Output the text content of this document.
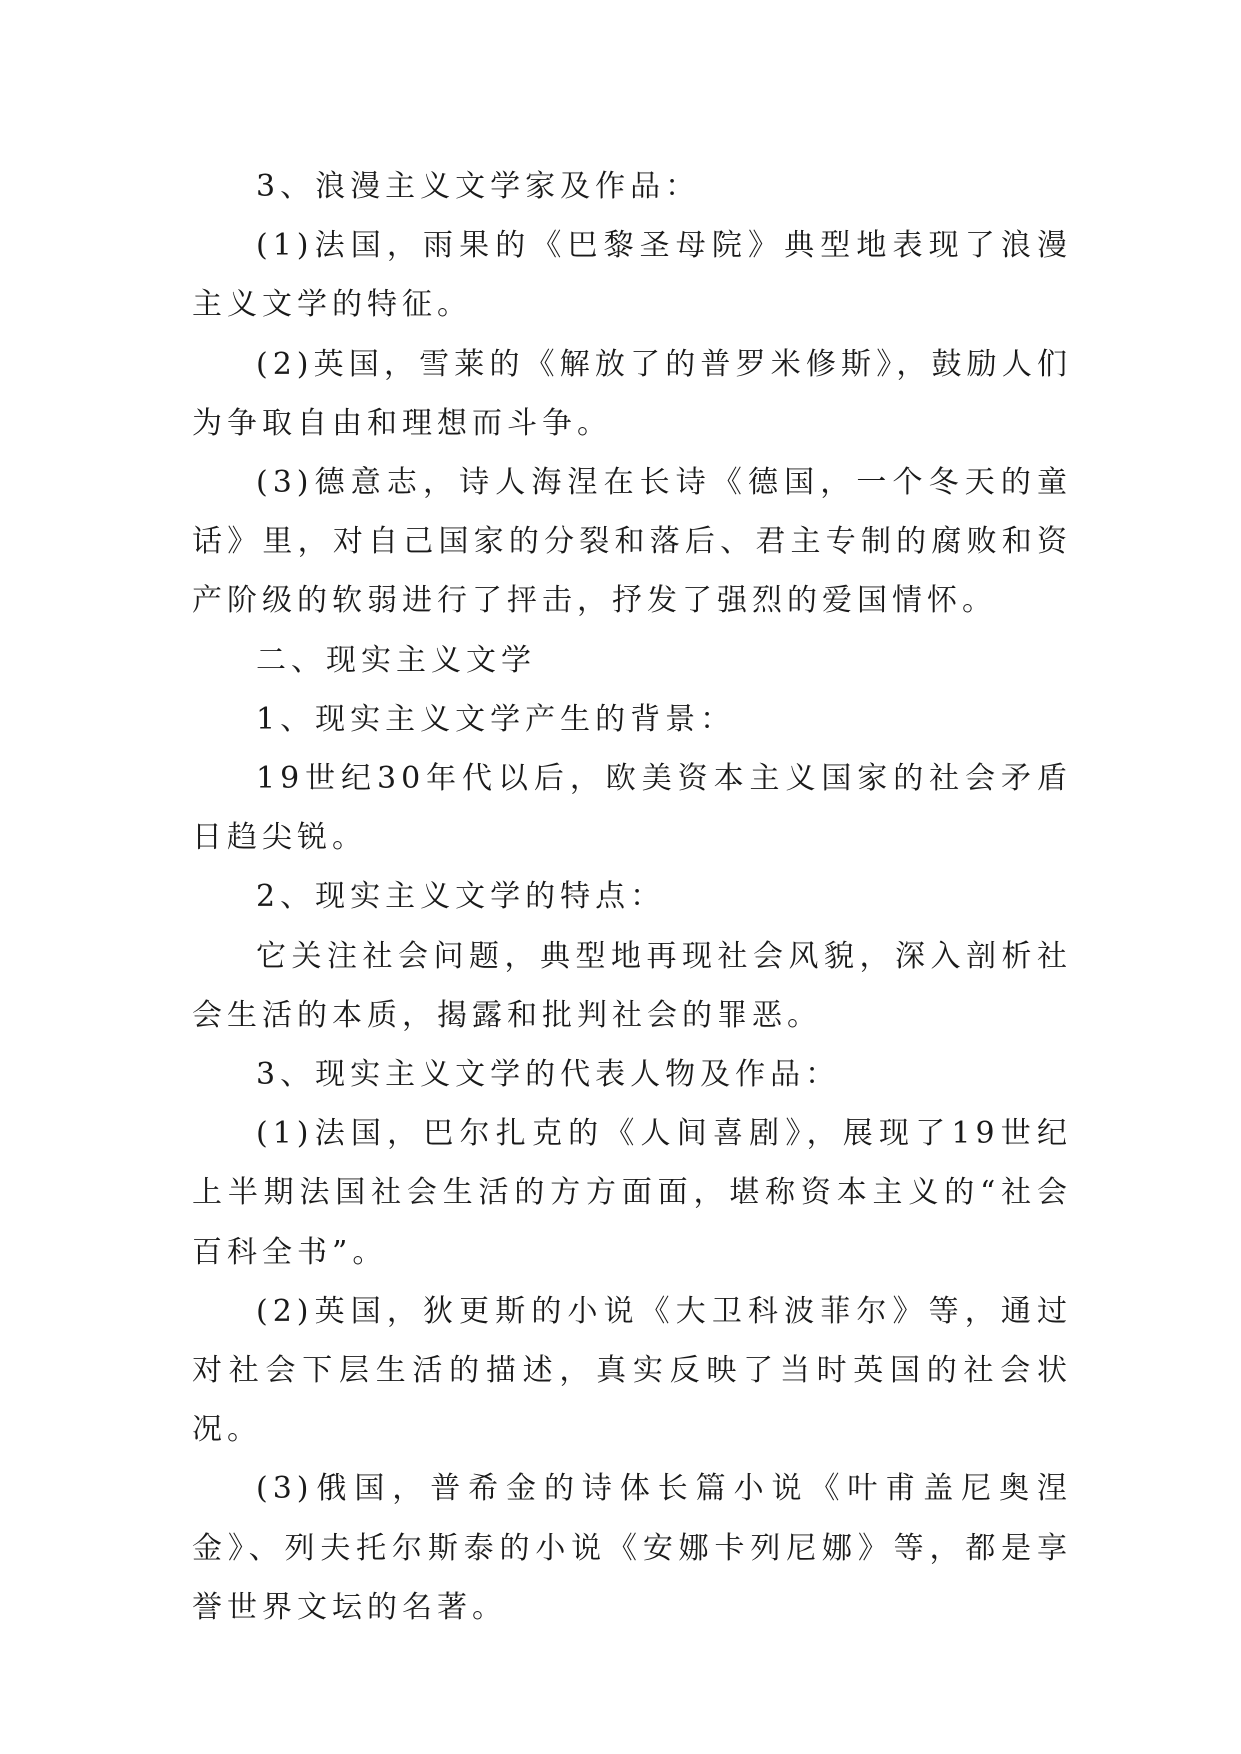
3、浪漫主义文学家及作品：

(1)法国，雨果的《巴黎圣母院》典型地表现了浪漫主义文学的特征。

(2)英国，雪莱的《解放了的普罗米修斯》，鼓励人们为争取自由和理想而斗争。

(3)德意志，诗人海涅在长诗《德国，一个冬天的童话》里，对自己国家的分裂和落后、君主专制的腐败和资产阶级的软弱进行了抨击，抒发了强烈的爱国情怀。

二、现实主义文学

1、现实主义文学产生的背景：

19世纪30年代以后，欧美资本主义国家的社会矛盾日趋尖锐。

2、现实主义文学的特点：

它关注社会问题，典型地再现社会风貌，深入剖析社会生活的本质，揭露和批判社会的罪恶。

3、现实主义文学的代表人物及作品：

(1)法国，巴尔扎克的《人间喜剧》，展现了19世纪上半期法国社会生活的方方面面，堪称资本主义的“社会百科全书”。

(2)英国，狄更斯的小说《大卫科波菲尔》等，通过对社会下层生活的描述，真实反映了当时英国的社会状况。

(3)俄国，普希金的诗体长篇小说《叶甫盖尼奥涅金》、列夫托尔斯泰的小说《安娜卡列尼娜》等，都是享誉世界文坛的名著。
